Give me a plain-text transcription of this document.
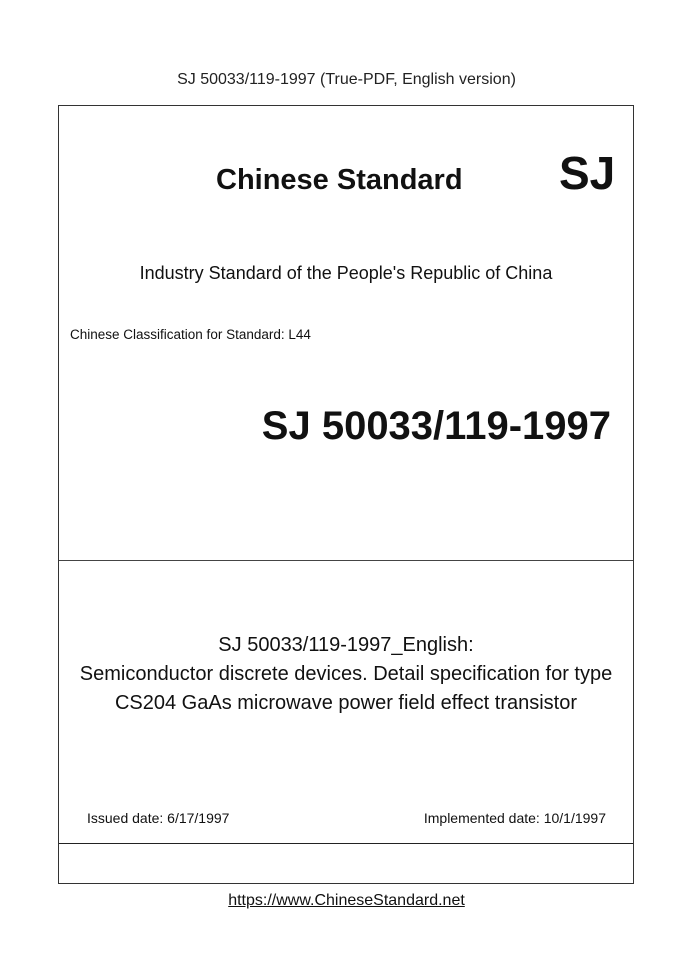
SJ 50033/119-1997 (True-PDF, English version)
Chinese Standard SJ
Industry Standard of the People's Republic of China
Chinese Classification for Standard: L44
SJ 50033/119-1997
SJ 50033/119-1997_English:
Semiconductor discrete devices. Detail specification for type
CS204 GaAs microwave power field effect transistor
Issued date: 6/17/1997	Implemented date: 10/1/1997
https://www.ChineseStandard.net
